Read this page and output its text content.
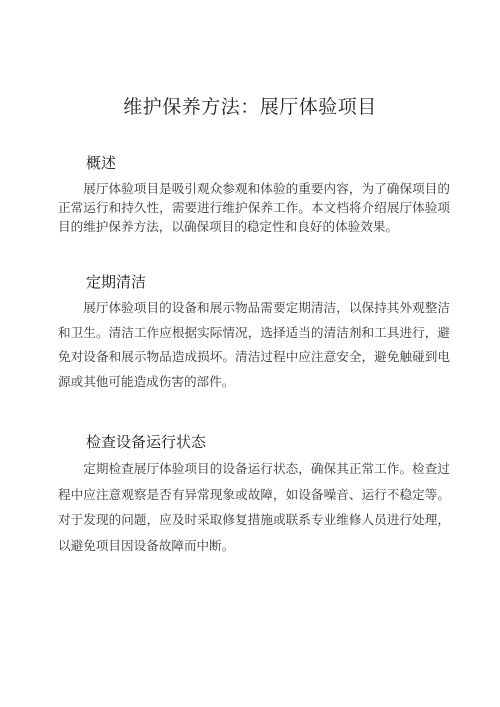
维护保养方法：展厅体验项目
概述

展厅体验项目是吸引观众参观和体验的重要内容，为了确保项目的正常运行和持久性，需要进行维护保养工作。本文档将介绍展厅体验项目的维护保养方法，以确保项目的稳定性和良好的体验效果。

定期清洁

展厅体验项目的设备和展示物品需要定期清洁，以保持其外观整洁和卫生。清洁工作应根据实际情况，选择适当的清洁剂和工具进行，避免对设备和展示物品造成损坏。清洁过程中应注意安全，避免触碰到电源或其他可能造成伤害的部件。

检查设备运行状态

定期检查展厅体验项目的设备运行状态，确保其正常工作。检查过程中应注意观察是否有异常现象或故障，如设备噪音、运行不稳定等。对于发现的问题，应及时采取修复措施或联系专业维修人员进行处理，以避免项目因设备故障而中断。
